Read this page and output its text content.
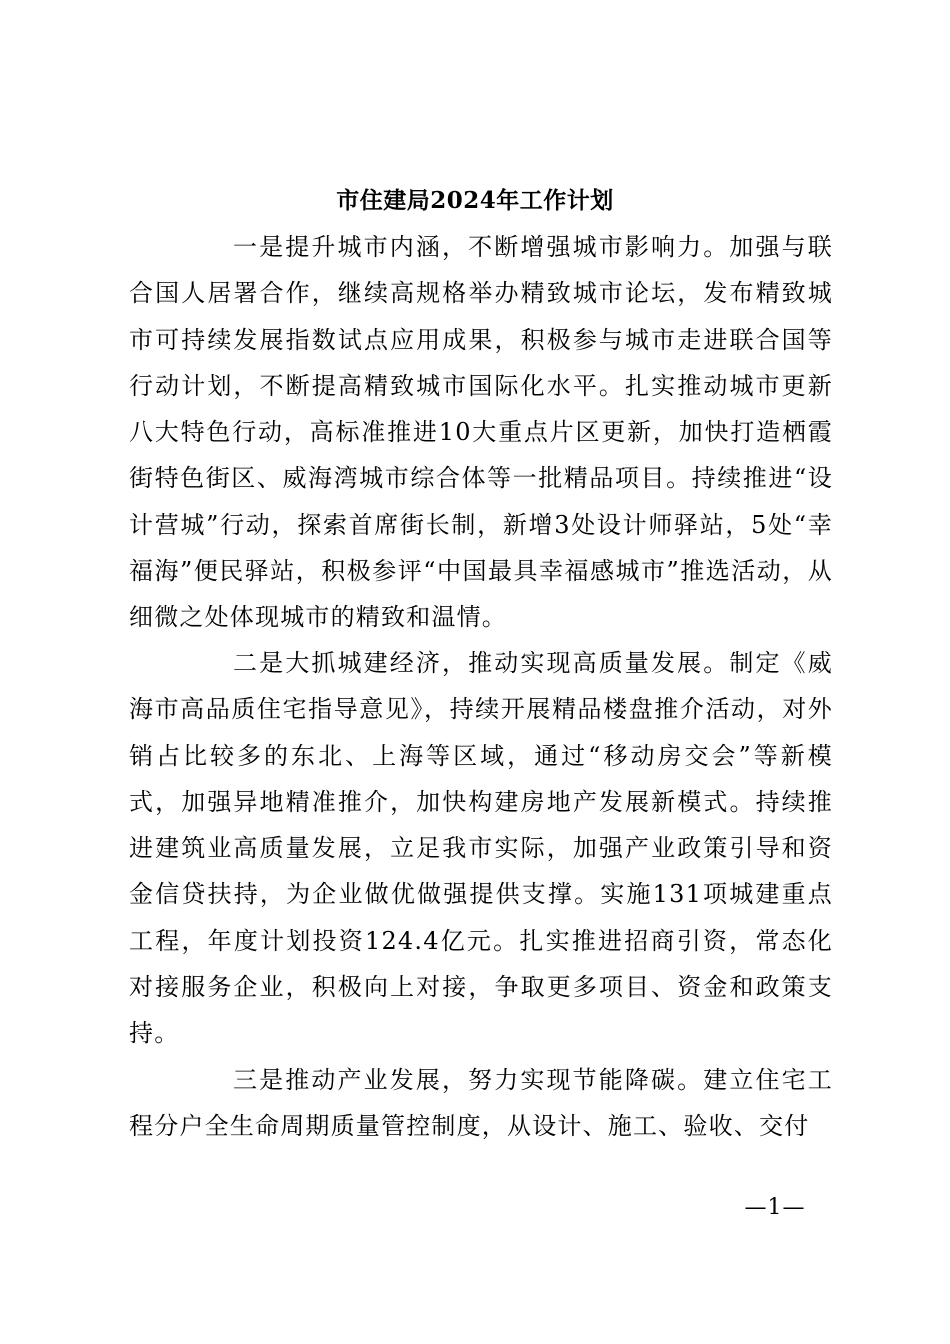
市住建局2024年工作计划

一是提升城市内涵，不断增强城市影响力。加强与联合国人居署合作，继续高规格举办精致城市论坛，发布精致城市可持续发展指数试点应用成果，积极参与城市走进联合国等行动计划，不断提高精致城市国际化水平。扎实推动城市更新八大特色行动，高标准推进10大重点片区更新，加快打造栖霞街特色街区、威海湾城市综合体等一批精品项目。持续推进“设计营城”行动，探索首席街长制，新增3处设计师驿站，5处“幸福海”便民驿站，积极参评“中国最具幸福感城市”推选活动，从细微之处体现城市的精致和温情。

二是大抓城建经济，推动实现高质量发展。制定《威海市高品质住宅指导意见》，持续开展精品楼盘推介活动，对外销占比较多的东北、上海等区域，通过“移动房交会”等新模式，加强异地精准推介，加快构建房地产发展新模式。持续推进建筑业高质量发展，立足我市实际，加强产业政策引导和资金信贷扶持，为企业做优做强提供支撑。实施131项城建重点工程，年度计划投资124.4亿元。扎实推进招商引资，常态化对接服务企业，积极向上对接，争取更多项目、资金和政策支持。

三是推动产业发展，努力实现节能降碳。建立住宅工程分户全生命周期质量管控制度，从设计、施工、验收、交付

—1—
